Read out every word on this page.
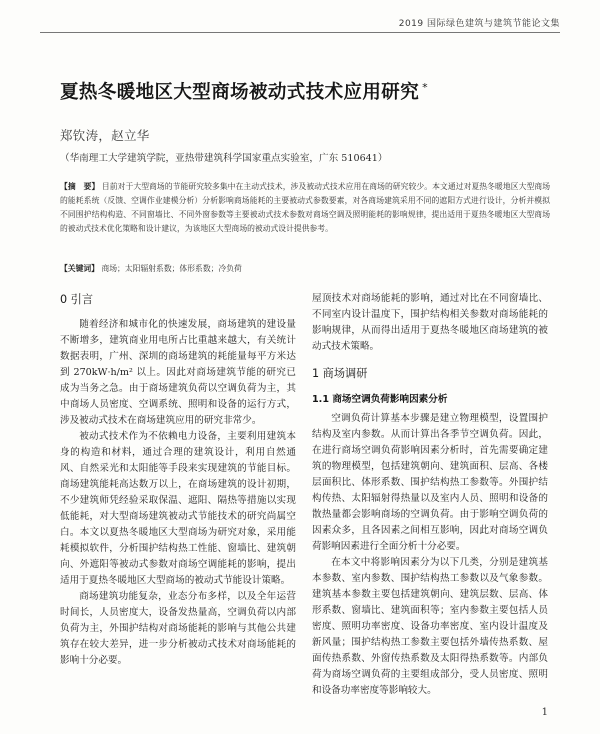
2019 国际绿色建筑与建筑节能论文集
夏热冬暖地区大型商场被动式技术应用研究 *
郑钦涛，赵立华
（华南理工大学建筑学院，亚热带建筑科学国家重点实验室，广东 510641）
【摘　要】 目前对于大型商场的节能研究较多集中在主动式技术，涉及被动式技术应用在商场的研究较少。本文通过对夏热冬暖地区大型商场的能耗系统（反馈、空调作业建模分析）分析影响商场能耗的主要被动式参数要素，对各商场建筑采用不同的遮阳方式进行设计，分析并模拟不同围护结构构造、不同窗墙比、不同外窗参数等主要被动式技术参数对商场空调及照明能耗的影响规律，提出适用于夏热冬暖地区大型商场的被动式技术优化策略和设计建议，为该地区大型商场的被动式设计提供参考。
【关键词】 商场；太阳辐射系数；体形系数；冷负荷
0 引言

随着经济和城市化的快速发展，商场建筑的建设量不断增多，建筑商业用电所占比重越来越大，有关统计数据表明，广州、深圳的商场建筑的耗能量每平方米达到 270kW·h/m² 以上。因此对商场建筑节能的研究已成为当务之急。由于商场建筑负荷以空调负荷为主，其中商场人员密度、空调系统、照明和设备的运行方式，涉及被动式技术在商场建筑应用的研究非常少。

被动式技术作为不依赖电力设备，主要利用建筑本身的构造和材料，通过合理的建筑设计，利用自然通风、自然采光和太阳能等手段来实现建筑的节能目标。商场建筑能耗高达数万以上，在商场建筑的设计初期，不少建筑师凭经验采取保温、遮阳、隔热等措施以实现低能耗，对大型商场建筑被动式节能技术的研究尚属空白。本文以夏热冬暖地区大型商场为研究对象，采用能耗模拟软件，分析围护结构热工性能、窗墙比、建筑朝向、外遮阳等被动式参数对商场空调能耗的影响，提出适用于夏热冬暖地区大型商场的被动式节能设计策略。

商场建筑功能复杂，业态分布多样，以及全年运营时间长，人员密度大，设备发热量高，空调负荷以内部负荷为主，外围护结构对商场能耗的影响与其他公共建筑存在较大差异，进一步分析被动式技术对商场能耗的影响十分必要。

屋顶技术对商场能耗的影响，通过对比在不同窗墙比、不同室内设计温度下，围护结构相关参数对商场能耗的影响规律，从而得出适用于夏热冬暖地区商场建筑的被动式技术策略。

1 商场调研
1.1 商场空调负荷影响因素分析

空调负荷计算基本步骤是建立物理模型，设置围护结构及室内参数。从而计算出各季节空调负荷。因此，在进行商场空调负荷影响因素分析时，首先需要确定建筑的物理模型，包括建筑朝向、建筑面积、层高、各楼层面积比、体形系数、围护结构热工参数等。外围护结构传热、太阳辐射得热量以及室内人员、照明和设备的散热量都会影响商场的空调负荷。由于影响空调负荷的因素众多，且各因素之间相互影响，因此对商场空调负荷影响因素进行全面分析十分必要。

在本文中将影响因素分为以下几类，分别是建筑基本参数、室内参数、围护结构热工参数以及气象参数。建筑基本参数主要包括建筑朝向、建筑层数、层高、体形系数、窗墙比、建筑面积等；室内参数主要包括人员密度、照明功率密度、设备功率密度、室内设计温度及新风量；围护结构热工参数主要包括外墙传热系数、屋面传热系数、外窗传热系数及太阳得热系数等。内部负荷为商场空调负荷的主要组成部分，受人员密度、照明和设备功率密度等影响较大。

1
